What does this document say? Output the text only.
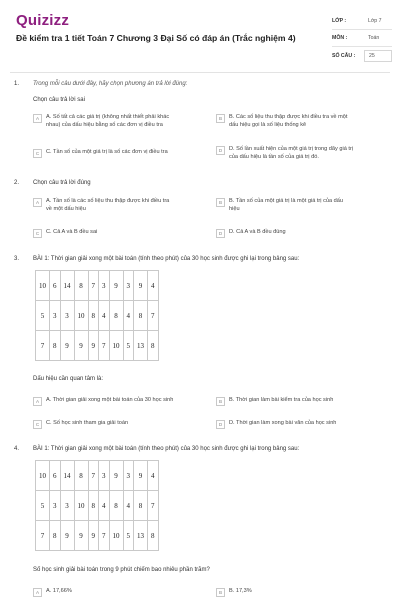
Quizizz
Đề kiểm tra 1 tiết Toán 7 Chương 3 Đại Số có đáp án (Trắc nghiệm 4)
LỚP :	Lớp 7
MÔN :	Toán
SỐ CÂU :	25
1. Trong mỗi câu dưới đây, hãy chọn phương án trả lời đúng:
Chọn câu trả lời sai
A	A. Số tất cả các giá trị (không nhất thiết phải khác
nhau) của dấu hiệu bằng số các đơn vị điều tra
B	B. Các số liệu thu thập được khi điều tra về một
dấu hiệu gọi là số liệu thống kê
C	C. Tần số của một giá trị là số các đơn vị điều tra	D	D. Số lần xuất hiện của một giá trị trong dãy giá trị
của dấu hiệu là tần số của giá trị đó.
2. Chọn câu trả lời đúng
A	A. Tần số là các số liệu thu thập được khi điều tra
về một dấu hiệu
B	B. Tần số của một giá trị là một giá trị của dấu
hiệu
C	C. Cả A và B đều sai	D	D. Cả A và B đều đúng
3. BÀI 1: Thời gian giải xong một bài toán (tính theo phút) của 30 học sinh được ghi lại trong bảng sau:
10	6	14	8	7	3	9	3	9	4
5	3	3	10	8	4	8	4	8	7
7	8	9	9	9	7	10	5	13	8
Dấu hiệu cần quan tâm là:
A	A. Thời gian giải xong một bài toán của 30 học sinh	B	B. Thời gian làm bài kiểm tra của học sinh
C	C. Số học sinh tham gia giải toán	D	D. Thời gian làm xong bài văn của học sinh
4. BÀI 1: Thời gian giải xong một bài toán (tính theo phút) của 30 học sinh được ghi lại trong bảng sau:
10	6	14	8	7	3	9	3	9	4
5	3	3	10	8	4	8	4	8	7
7	8	9	9	9	7	10	5	13	8
Số học sinh giải bài toán trong 9 phút chiếm bao nhiêu phần trăm?
A	A. 17,66%	B	B. 17,3%
